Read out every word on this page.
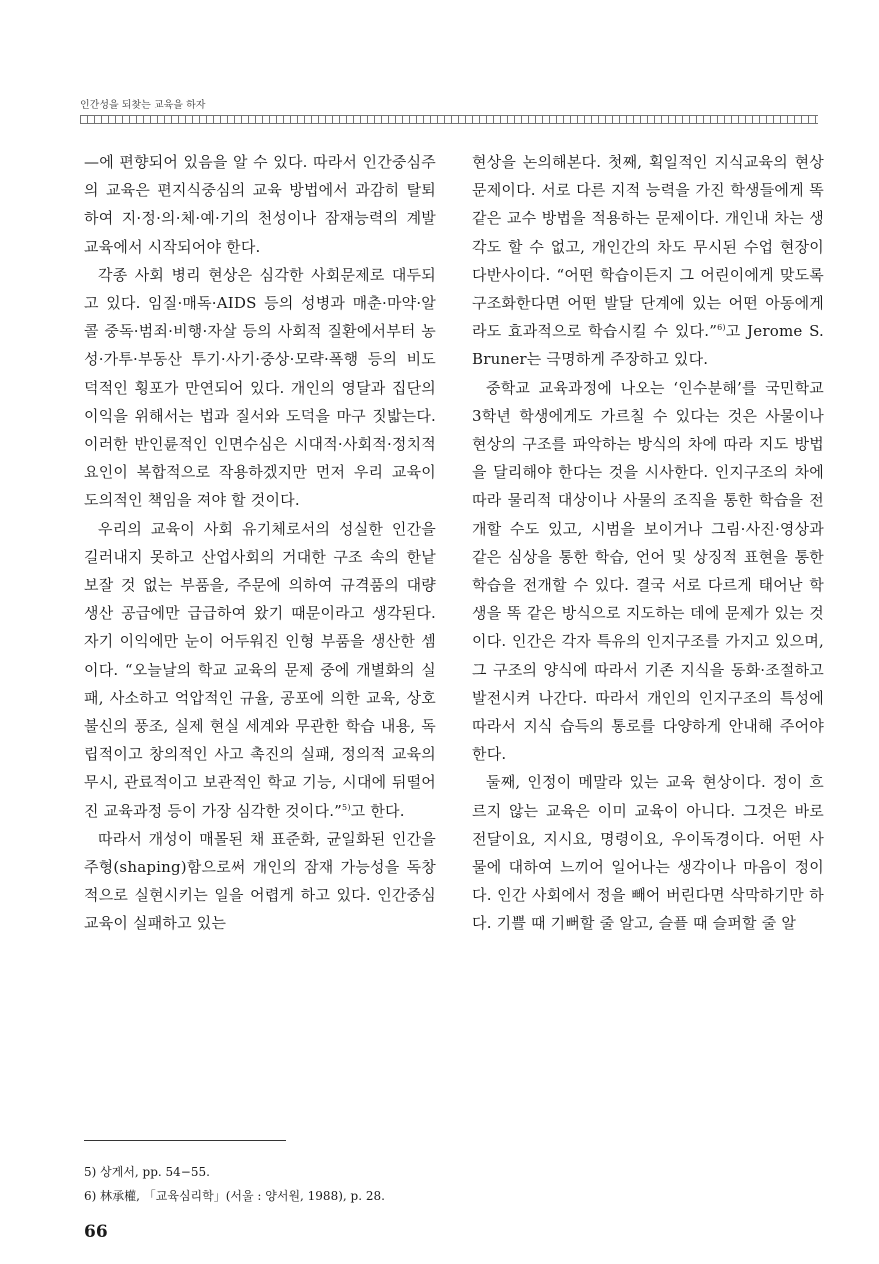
인간성을 되찾는 교육을 하자

—에 편향되어 있음을 알 수 있다. 따라서 인간중심주의 교육은 편지식중심의 교육 방법에서 과감히 탈퇴하여 지·정·의·체·예·기의 천성이나 잠재능력의 계발 교육에서 시작되어야 한다.

각종 사회 병리 현상은 심각한 사회문제로 대두되고 있다. 임질·매독·AIDS 등의 성병과 매춘·마약·알콜 중독·범죄·비행·자살 등의 사회적 질환에서부터 농성·가투·부동산 투기·사기·중상·모략·폭행 등의 비도덕적인 횡포가 만연되어 있다. 개인의 영달과 집단의 이익을 위해서는 법과 질서와 도덕을 마구 짓밟는다. 이러한 반인륜적인 인면수심은 시대적·사회적·정치적 요인이 복합적으로 작용하겠지만 먼저 우리 교육이 도의적인 책임을 져야 할 것이다.

우리의 교육이 사회 유기체로서의 성실한 인간을 길러내지 못하고 산업사회의 거대한 구조 속의 한낱 보잘 것 없는 부품을, 주문에 의하여 규격품의 대량 생산 공급에만 급급하여 왔기 때문이라고 생각된다. 자기 이익에만 눈이 어두워진 인형 부품을 생산한 셈이다. “오늘날의 학교 교육의 문제 중에 개별화의 실패, 사소하고 억압적인 규율, 공포에 의한 교육, 상호불신의 풍조, 실제 현실 세계와 무관한 학습 내용, 독립적이고 창의적인 사고 촉진의 실패, 정의적 교육의 무시, 관료적이고 보관적인 학교 기능, 시대에 뒤떨어진 교육과정 등이 가장 심각한 것이다.”$^{5)}$고 한다.

따라서 개성이 매몰된 채 표준화, 균일화된 인간을 주형(shaping)함으로써 개인의 잠재 가능성을 독창적으로 실현시키는 일을 어렵게 하고 있다. 인간중심교육이 실패하고 있는

현상을 논의해본다. 첫째, 획일적인 지식교육의 현상 문제이다. 서로 다른 지적 능력을 가진 학생들에게 똑 같은 교수 방법을 적용하는 문제이다. 개인내 차는 생각도 할 수 없고, 개인간의 차도 무시된 수업 현장이 다반사이다. “어떤 학습이든지 그 어린이에게 맞도록 구조화한다면 어떤 발달 단계에 있는 어떤 아동에게라도 효과적으로 학습시킬 수 있다.”$^{6)}$고 Jerome S. Bruner는 극명하게 주장하고 있다.

중학교 교육과정에 나오는 ‘인수분해’를 국민학교 3학년 학생에게도 가르칠 수 있다는 것은 사물이나 현상의 구조를 파악하는 방식의 차에 따라 지도 방법을 달리해야 한다는 것을 시사한다. 인지구조의 차에 따라 물리적 대상이나 사물의 조직을 통한 학습을 전개할 수도 있고, 시범을 보이거나 그림·사진·영상과 같은 심상을 통한 학습, 언어 및 상징적 표현을 통한 학습을 전개할 수 있다. 결국 서로 다르게 태어난 학생을 똑 같은 방식으로 지도하는 데에 문제가 있는 것이다. 인간은 각자 특유의 인지구조를 가지고 있으며, 그 구조의 양식에 따라서 기존 지식을 동화·조절하고 발전시켜 나간다. 따라서 개인의 인지구조의 특성에 따라서 지식 습득의 통로를 다양하게 안내해 주어야 한다.

둘째, 인정이 메말라 있는 교육 현상이다. 정이 흐르지 않는 교육은 이미 교육이 아니다. 그것은 바로 전달이요, 지시요, 명령이요, 우이독경이다. 어떤 사물에 대하여 느끼어 일어나는 생각이나 마음이 정이다. 인간 사회에서 정을 빼어 버린다면 삭막하기만 하다. 기쁠 때 기뻐할 줄 알고, 슬플 때 슬퍼할 줄 알

5) 상게서, pp. 54−55.
6) 林承權, 「교육심리학」(서울 : 양서원, 1988), p. 28.
66
